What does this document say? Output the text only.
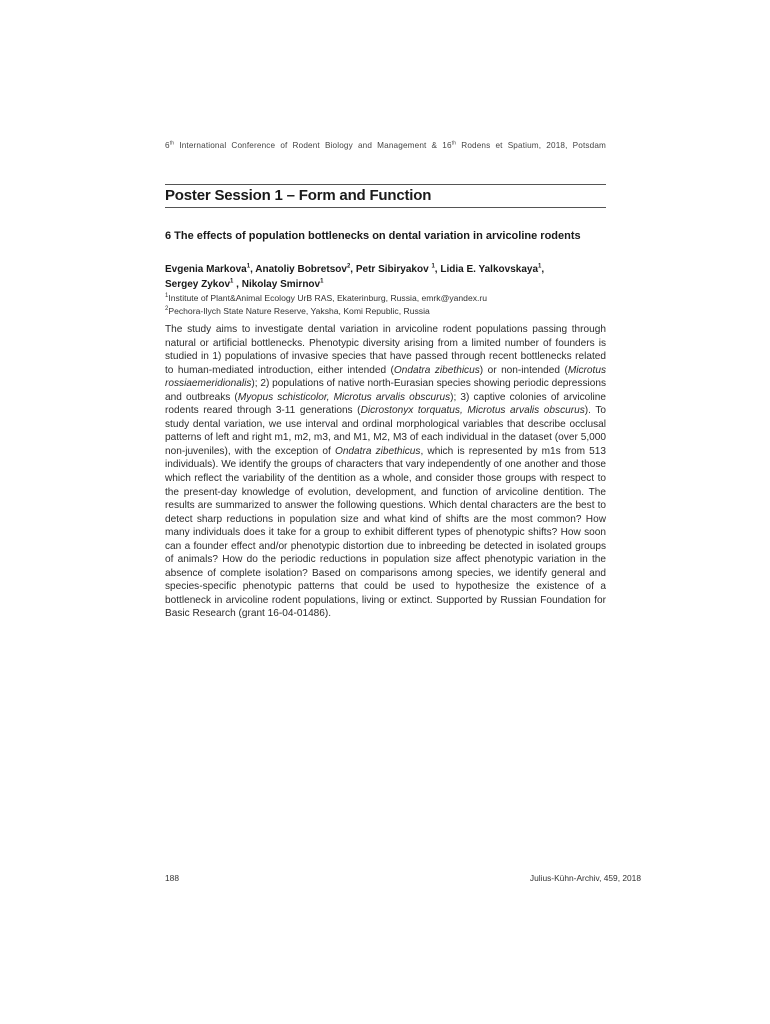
6th International Conference of Rodent Biology and Management & 16th Rodens et Spatium, 2018, Potsdam
Poster Session 1 – Form and Function
6 The effects of population bottlenecks on dental variation in arvicoline rodents
Evgenia Markova$^1$, Anatoliy Bobretsov$^2$, Petr Sibiryakov $^1$, Lidia E. Yalkovskaya$^1$,
Sergey Zykov$^1$ , Nikolay Smirnov$^1$
$^1$Institute of Plant&Animal Ecology UrB RAS, Ekaterinburg, Russia, emrk@yandex.ru
$^2$Pechora-Ilych State Nature Reserve, Yaksha, Komi Republic, Russia

The study aims to investigate dental variation in arvicoline rodent populations passing through natural or artificial bottlenecks. Phenotypic diversity arising from a limited number of founders is studied in 1) populations of invasive species that have passed through recent bottlenecks related to human-mediated introduction, either intended (Ondatra zibethicus) or non-intended (Microtus rossiaemeridionalis); 2) populations of native north-Eurasian species showing periodic depressions and outbreaks (Myopus schisticolor, Microtus arvalis obscurus); 3) captive colonies of arvicoline rodents reared through 3-11 generations (Dicrostonyx torquatus, Microtus arvalis obscurus). To study dental variation, we use interval and ordinal morphological variables that describe occlusal patterns of left and right m1, m2, m3, and M1, M2, M3 of each individual in the dataset (over 5,000 non-juveniles), with the exception of Ondatra zibethicus, which is represented by m1s from 513 individuals). We identify the groups of characters that vary independently of one another and those which reflect the variability of the dentition as a whole, and consider those groups with respect to the present-day knowledge of evolution, development, and function of arvicoline dentition. The results are summarized to answer the following questions. Which dental characters are the best to detect sharp reductions in population size and what kind of shifts are the most common? How many individuals does it take for a group to exhibit different types of phenotypic shifts? How soon can a founder effect and/or phenotypic distortion due to inbreeding be detected in isolated groups of animals? How do the periodic reductions in population size affect phenotypic variation in the absence of complete isolation? Based on comparisons among species, we identify general and species-specific phenotypic patterns that could be used to hypothesize the existence of a bottleneck in arvicoline rodent populations, living or extinct. Supported by Russian Foundation for Basic Research (grant 16-04-01486).

188	Julius-Kühn-Archiv, 459, 2018
